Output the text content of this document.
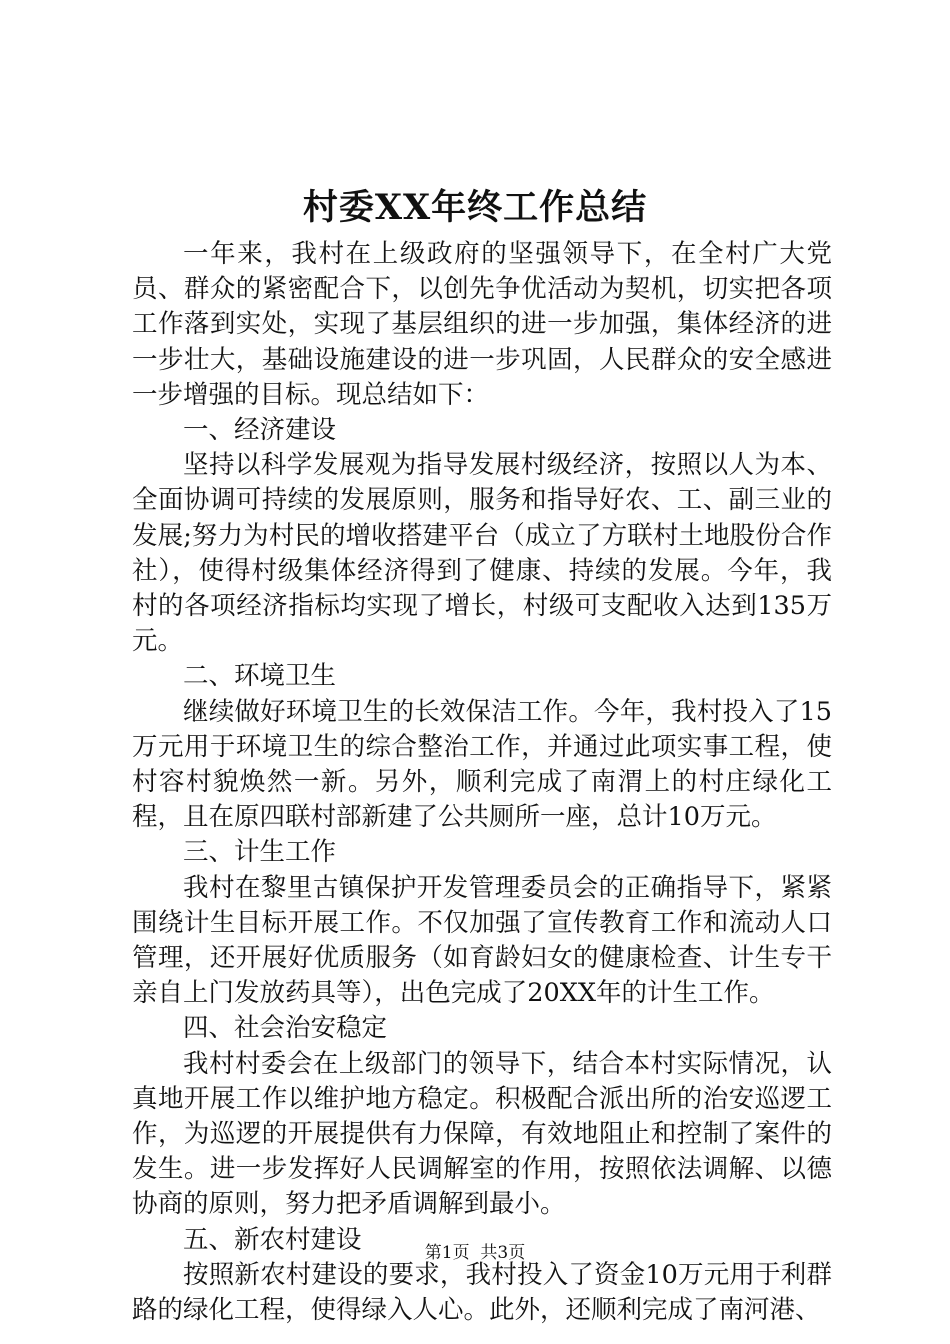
村委XX年终工作总结

一年来，我村在上级政府的坚强领导下，在全村广大党员、群众的紧密配合下，以创先争优活动为契机，切实把各项工作落到实处，实现了基层组织的进一步加强，集体经济的进一步壮大，基础设施建设的进一步巩固，人民群众的安全感进一步增强的目标。现总结如下：

一、经济建设

坚持以科学发展观为指导发展村级经济，按照以人为本、全面协调可持续的发展原则，服务和指导好农、工、副三业的发展;努力为村民的增收搭建平台（成立了方联村土地股份合作社），使得村级集体经济得到了健康、持续的发展。今年，我村的各项经济指标均实现了增长，村级可支配收入达到135万元。

二、环境卫生

继续做好环境卫生的长效保洁工作。今年，我村投入了15万元用于环境卫生的综合整治工作，并通过此项实事工程，使村容村貌焕然一新。另外，顺利完成了南渭上的村庄绿化工程，且在原四联村部新建了公共厕所一座，总计10万元。

三、计生工作

我村在黎里古镇保护开发管理委员会的正确指导下，紧紧围绕计生目标开展工作。不仅加强了宣传教育工作和流动人口管理，还开展好优质服务（如育龄妇女的健康检查、计生专干亲自上门发放药具等），出色完成了20XX年的计生工作。

四、社会治安稳定

我村村委会在上级部门的领导下，结合本村实际情况，认真地开展工作以维护地方稳定。积极配合派出所的治安巡逻工作，为巡逻的开展提供有力保障，有效地阻止和控制了案件的发生。进一步发挥好人民调解室的作用，按照依法调解、以德协商的原则，努力把矛盾调解到最小。

五、新农村建设

按照新农村建设的要求，我村投入了资金10万元用于利群路的绿化工程，使得绿入人心。此外，还顺利完成了南河港、

第1页 共3页
